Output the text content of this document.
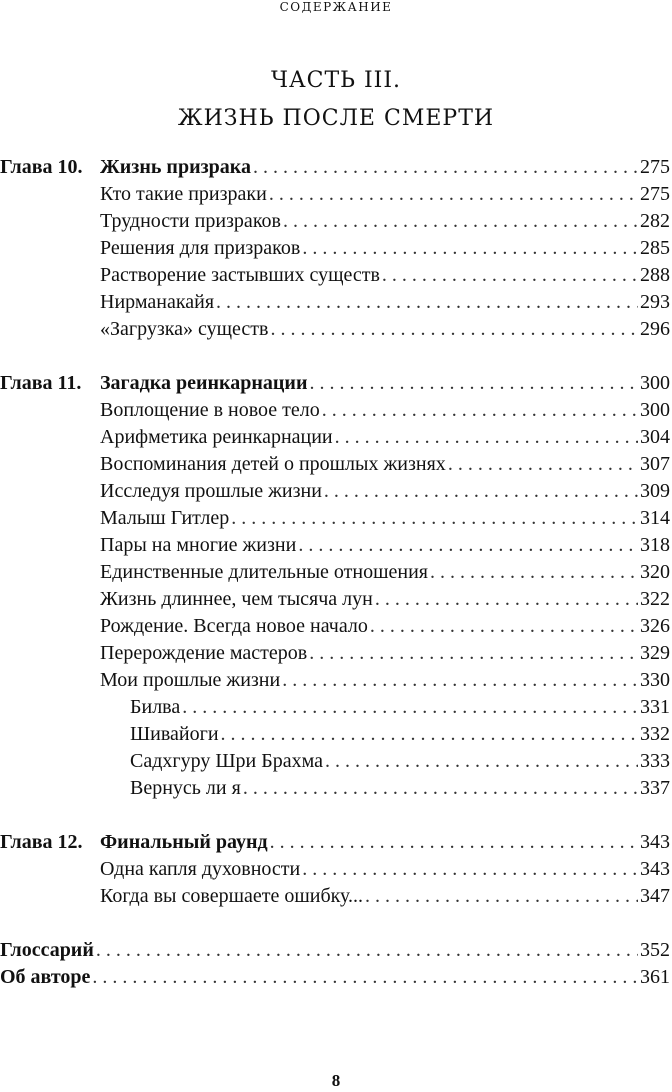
СОДЕРЖАНИЕ
ЧАСТЬ III.
ЖИЗНЬ ПОСЛЕ СМЕРТИ
Глава 10. Жизнь призрака . . .	275
Кто такие призраки . . .	275
Трудности призраков . . .	282
Решения для призраков . . .	285
Растворение застывших существ . . .	288
Нирманакайя . . .	293
«Загрузка» существ . . .	296
Глава 11. Загадка реинкарнации . . .	300
Воплощение в новое тело . . .	300
Арифметика реинкарнации . . .	304
Воспоминания детей о прошлых жизнях . . .	307
Исследуя прошлые жизни . . .	309
Малыш Гитлер . . .	314
Пары на многие жизни . . .	318
Единственные длительные отношения . . .	320
Жизнь длиннее, чем тысяча лун . . .	322
Рождение. Всегда новое начало . . .	326
Перерождение мастеров . . .	329
Мои прошлые жизни . . .	330
Билва . . .	331
Шивайоги . . .	332
Садхгуру Шри Брахма . . .	333
Вернусь ли я . . .	337
Глава 12. Финальный раунд . . .	343
Одна капля духовности . . .	343
Когда вы совершаете ошибку... . . .	347
Глоссарий . . .	352
Об авторе . . .	361
8
